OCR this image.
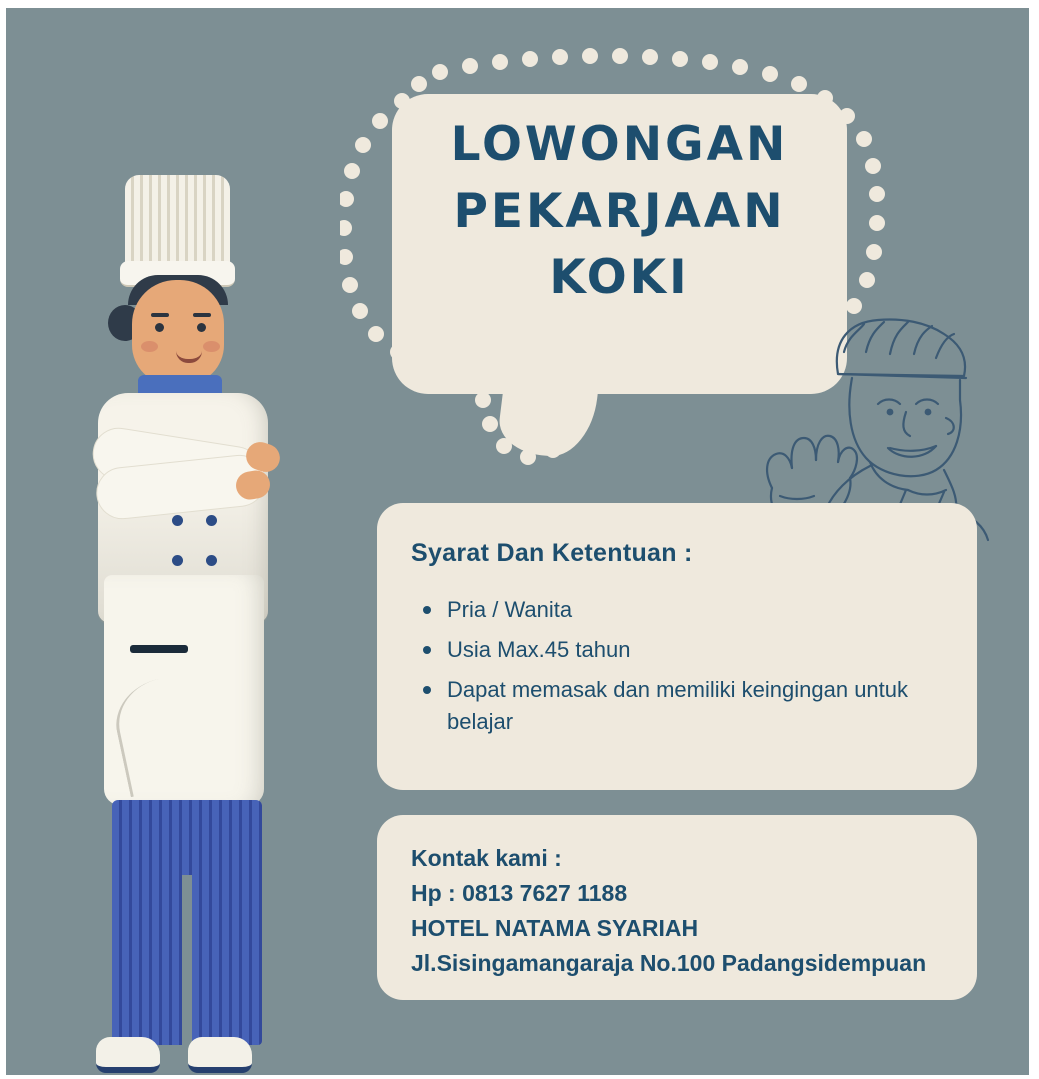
LOWONGAN
PEKARJAAN
KOKI

Syarat Dan Ketentuan :

Pria / Wanita
Usia Max.45 tahun
Dapat memasak dan memiliki keingingan untuk belajar
Kontak kami :
Hp : 0813 7627 1188
HOTEL NATAMA SYARIAH
Jl.Sisingamangaraja No.100 Padangsidempuan
